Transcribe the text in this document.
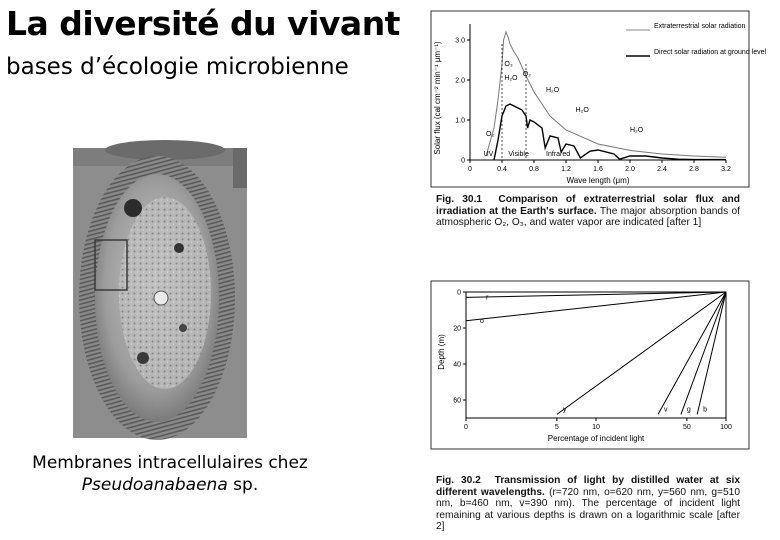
La diversité du vivant
bases d’écologie microbienne
Membranes intracellulaires chez
Pseudoanabaena sp.
0	0.4	0.8	1.2	1.6	2.0	2.4	2.8	3.2
0
1.0
2.0
3.0
O₃
H₂O
O₂
H₂O
H₂O
H₂O
O₂
UV Visible Infrared
Solar flux (cal cm⁻² min⁻¹ μm⁻¹)
Wave length (μm)
Extraterrestrial solar radiation
Direct solar radiation at ground level
Fig. 30.1 Comparison of extraterrestrial solar flux and irradiation at the Earth's surface. The major absorption bands of atmospheric O₂, O₃, and water vapor are indicated [after 1]
0
20
40
60
0	5	10	50	100
r
o
y	v	g b
Depth (m)
Percentage of incident light
Fig. 30.2 Transmission of light by distilled water at six different wavelengths. (r=720 nm, o=620 nm, y=560 nm, g=510 nm, b=460 nm, v=390 nm). The percentage of incident light remaining at various depths is drawn on a logarithmic scale [after 2]
